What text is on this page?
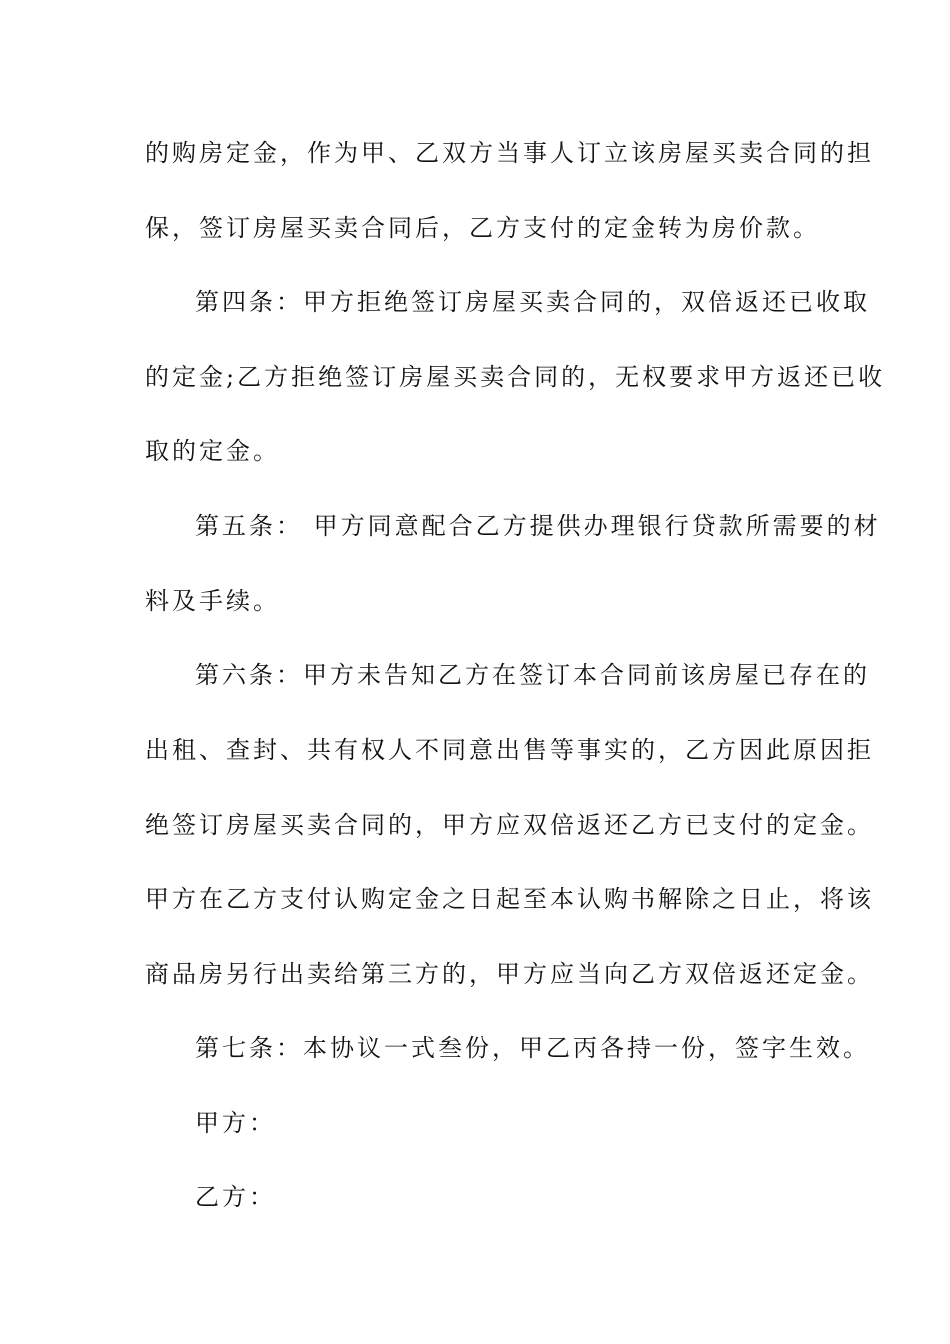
的购房定金，作为甲、乙双方当事人订立该房屋买卖合同的担
保，签订房屋买卖合同后，乙方支付的定金转为房价款。
第四条：甲方拒绝签订房屋买卖合同的，双倍返还已收取
的定金;乙方拒绝签订房屋买卖合同的，无权要求甲方返还已收
取的定金。
第五条： 甲方同意配合乙方提供办理银行贷款所需要的材
料及手续。
第六条：甲方未告知乙方在签订本合同前该房屋已存在的
出租、查封、共有权人不同意出售等事实的，乙方因此原因拒
绝签订房屋买卖合同的，甲方应双倍返还乙方已支付的定金。
甲方在乙方支付认购定金之日起至本认购书解除之日止，将该
商品房另行出卖给第三方的，甲方应当向乙方双倍返还定金。
第七条：本协议一式叁份，甲乙丙各持一份，签字生效。
甲方：
乙方：
